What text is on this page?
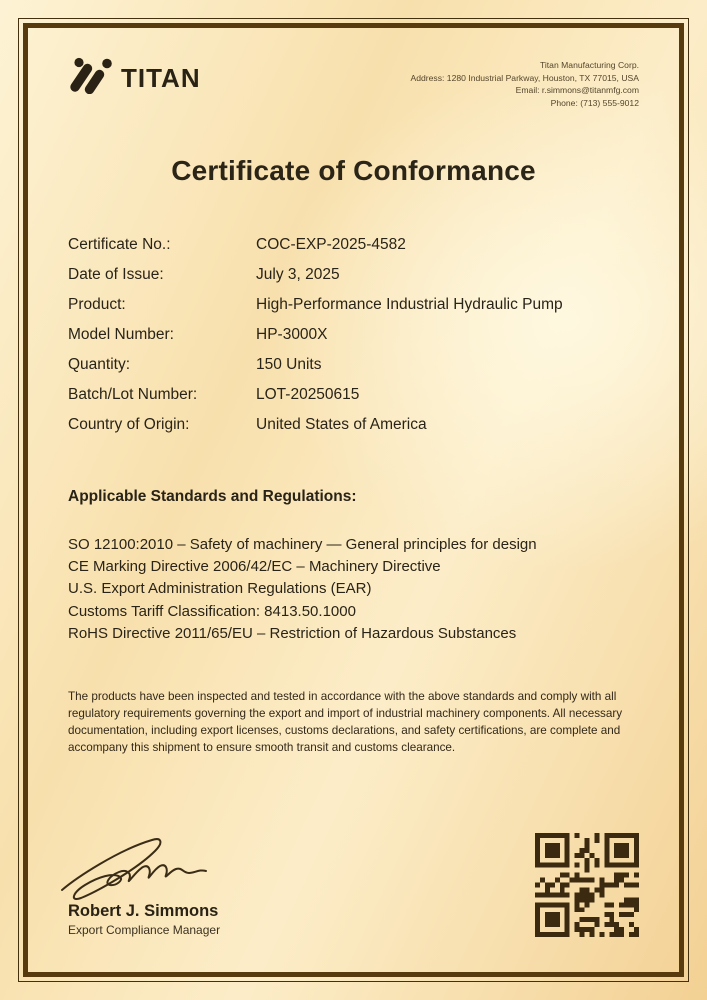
TITAN	Titan Manufacturing Corp.
Address: 1280 Industrial Parkway, Houston, TX 77015, USA
Email: r.simmons@titanmfg.com
Phone: (713) 555-9012
Certificate of Conformance
Certificate No.:	COC-EXP-2025-4582
Date of Issue:	July 3, 2025
Product:	High-Performance Industrial Hydraulic Pump
Model Number:	HP-3000X
Quantity:	150 Units
Batch/Lot Number:	LOT-20250615
Country of Origin:	United States of America
Applicable Standards and Regulations:
SO 12100:2010 – Safety of machinery — General principles for design
CE Marking Directive 2006/42/EC – Machinery Directive
U.S. Export Administration Regulations (EAR)
Customs Tariff Classification: 8413.50.1000
RoHS Directive 2011/65/EU – Restriction of Hazardous Substances
The products have been inspected and tested in accordance with the above standards and comply with all regulatory requirements governing the export and import of industrial machinery components. All necessary documentation, including export licenses, customs declarations, and safety certifications, are complete and accompany this shipment to ensure smooth transit and customs clearance.
Robert J. Simmons
Export Compliance Manager
